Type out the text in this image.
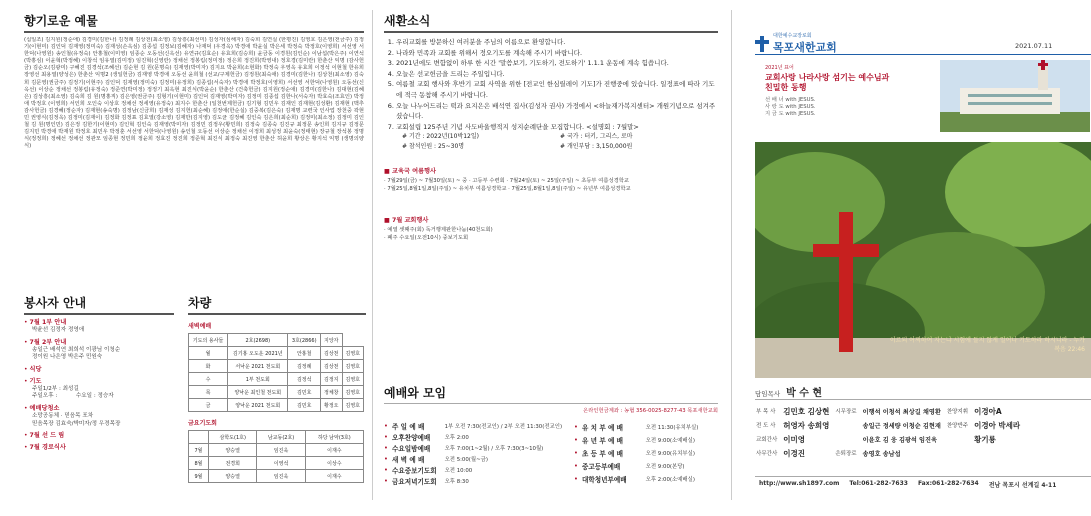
향기로운 예물
(십일조) 김지원(정순애) 김경미(김한나) 김정례 김상천(최소영) 김상흥(최선미) 김성자(심해자) 김숙희 김연실 (한평진) 김영호 김은영(전금주) 김정기(이현미) 김인덕 김재영(정미숙) 김재성(손옥심) 김종섭 김정보(김혜자) 나재덕 (우경옥) 박경애 박윤실 박은세 박정숙 박정호(이영희) 서선영 서한덕(나영원) 송인철(유정숙) 안홍철(이미영) 임종순 오동선(신옥선) 유연규(김효순) 유효희(김승희) 윤금동 이경원(김인순) 이남섭(박은주) 이연석(박홍심) 이윤혁(박정혜) 이창석 임유열(김미정) 임진혁(신영란) 정채선 정봉림(정미정) 정은희 정진희(박영내) 정호경(김미란) 한춘산 익명 (감사헌금) 김순오(김광미) 구혜진 김경석(조혜선) 김순현 김 원(문명숙) 김재영(박미자) 김지요 박윤희(소현화) 박정숙 우영옥 유효희 이정석 이현철 한유희 장영선 최용열(양성은) 한춘산 익명2 (생일헌금) 김재영 박경애 오동선 윤희철 (선교/구제헌금) 김정원(최숙애) 김경미(김한나) 김상천(최소영) 김숙희 김문영(권금주) 김정기(이현주) 김인덕 김재영(정미숙) 김정미(유정희) 김종섭(서숙자) 박경애 박정호(이영희) 서선영 서한덕(나영원) 오동선(신옥선) 이상순 정채선 정봉림(유정숙) 정준연(박미정) 정정기 최옥현 최진식(박윤순) 한춘산 (건축헌금) 김지원(정순애) 김경미(김한나) 김대현(김혜은) 김상흥(최소영) 김숙희 김 원(명홍직) 김은영(권금주) 김형기(이현미) 김인덕 김재영(박미자) 김정미 김종섭 김한나(서숙자) 박효숙(조효인) 박정애 박정호 (이영희) 서인희 오인숙 이상호 정채선 정세영(유정숙) 최지수 한춘산 (일천번제헌금) 김기형 김민우 김재인 김재현(김성환) 김재현 (맥추감사헌금) 김경혜(정순자) 김재현(송숙명) 김정남(신금희) 김재성 김지헌(최순혜) 김정애(한순실) 김중복(김은숙) 김재명 교련국 인사업 장천중 곽현민 권영식(김정옥) 김정미(김재이) 김정화 김정표 김효열(강소영) 김재만(김지영) 김도균 김정혜 김인숙 김은희(최순희) 김정미(최소정) 김정미 김인철 김 원(명인민) 김은정 김한기(이현미) 김인혁 김인숙 김재영(박미자) 김정민 김정우(황민희) 김정숙 김종숙 김진규 최정문 송인희 김지규 김정문 김지민 박경애 박재원 박정호 최민우 박정훈 서선영 서한덕(나영원) 송인철 오동선 이상순 정채선 이정희 최성정 최윤숙(정태현) 장규철 장석봉 정명식(정정희) 정혜선 정채선 정관모 임종현 정민희 정윤희 정효진 정진희 정준혁 최진식 최정숙 최진영 한춘산 허윤희 황상은 황지석 익명 (생명의양식)
봉사자 안내
• 7월 1부 안내
박윤선 김정자 정영애
• 7월 2부 안내
송일근 배석연 최희석 이광님 이청순
정이원 나은영 박은주 민원숙
• 식당
• 기도
주일1/2부 : 최성길
주일오후 : 　　　수요일 : 정승자
• 예배당청소
소망공동체 · 믿음목 포차
믿음목장 김효숙/박미자/정 우경목장
• 7월 선 드 림
• 7월 경로식사
차량
새벽예배
기도의 용사들	2호(2698)	3호(2866)	지앙자	
월	김기홍 오도운 2021년	안홍철	김상천	김영호
화	서낙운 2021 천도회	김정례	김상천	김영호
수	1부 천도회	김정석	김정지	김영호
목	양낙운 최인철 천도회	김민호	정체창	김영호
금	양낙운 2021 천도회	김민호	황정오	김영호
금요기도회
	삼학도(1호)	남교동(2호)	하당 남악(3호)
7월	양승열	임진욱	이재수
8월	전경희	이영석	이상수
9월	양승열	임진욱	이재수
새환소식
1. 우리교회를 방문하신 여러분을 주님의 이름으로 환영합니다.
2. 나라와 민족과 교회를 위해서 정오기도를 계속해 주시기 바랍니다.
3. 2021년에도 변함없이 하루 한 시간 '말씀보기, 기도하기, 전도하기' 1.1.1 운동에 계속 힘씁니다.
4. 오늘은 선교헌금을 드리는 주일입니다.
5. 여름철 교회 행사와 후반기 교회 사역을 위한 [전교인 한심릴레이 기도]가 진행중에 있습니다. 일정표에 따라 기도에 적극 동참해 주시기 바랍니다.
6. 오늘 나누어드리는 떡과 요지은은 배석연 집사(김성자 권사) 가정에서 <하늘재가복지센터> 개원기념으로 섬겨주셨습니다.
7. 교회설립 125주년 기념 사도바울행적지 성지순례단을 모집합니다. <설명회 : 7월말>
# 기간 : 2022년(10박12일)	# 국가 : 터키, 그리스, 로마
# 참석인원 : 25~30명	# 개인부담 : 3,150,000원
■ 교육국 여름행사
· 7월29일(금) ~ 7월30일(토) ~ 중 · 고등부 수련회 · 7월24일(토) ~ 25일(주일) ~ 초등부 여름성경학교
· 7월25일,8월1일,8일(주일) ~ 유치부 여름성경학교 · 7월25일,8월1일,8일(주일) ~ 유년부 여름성경학교
■ 7월 교회행사
· 예열 셋째주(회) 독거행제판한나눔(40천도회)
· 폐주 수요일(오전10시) 중보기도회
예배와 모임
온라인헌금계좌 : 농협 356-0025-8277-43 목포새한교회
•	주 일 예 배	1부 오전 7:30(전교인) / 2부 오전 11:30(전교인)
•	오후찬양예배	오후 2:00
•	수요일밤예배	오후 7:00(1~2월) / 오후 7:30(3~10월)
•	새 벽 예 배	오전 5:00(월~금)
•	수요중보기도회	오전 10:00
•	금요저녁기도회	오후 8:30
•	유 치 부 예 배	오전 11:30(유치부실)
•	유 년 부 예 배	오전 9:00(소예배실)
•	초 등 부 예 배	오전 9:00(유치부실)
•	중고등부예배	오전 9:00(본당)
•	대학청년부예배	오후 2:00(소예배실)
대한예수교장로회
목포새한교회	2021.07.11
2021년 표어
교회사랑 나라사랑 섬기는 예수님과 친밀한 동행
선 배 너 with JESUS.
사 랑 도 with JESUS.
지 금 도 with JESUS.
이르되 어찌하여 자는냐 시험에 들지 않게 일어나 기도하라 하시니라 - 누가복음 22:46
담임목사 박 수 현
부 목 사	김민호 김상현	시무장로	이행석 이청석 최상길 채영환	찬양지휘	이경아A
전 도 사	허영자 송희영		송일근 정세량 이청순 김현재	찬양반주	이경아 박세라
교회간사	이미영		이윤호 김 웅 김광석 임진욱		황기룡
사무간사	이경진	은퇴장로	송영호 송남섭		
http://www.sh1897.com Tel:061-282-7633 Fax:061-282-7634 전남 목포시 선계길 4-11
